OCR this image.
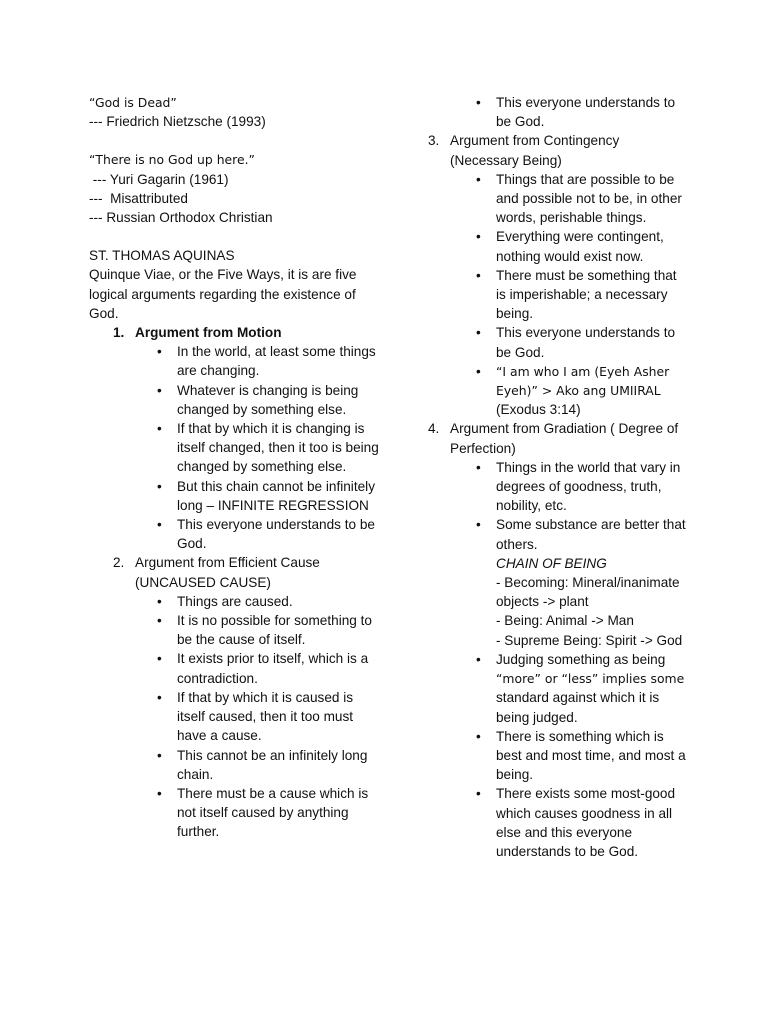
“God is Dead”

--- Friedrich Nietzsche (1993)

“There is no God up here.”

--- Yuri Gagarin (1961)

---  Misattributed

--- Russian Orthodox Christian

ST. THOMAS AQUINAS

Quinque Viae, or the Five Ways, it is are five logical arguments regarding the existence of God.

1. Argument from Motion
• In the world, at least some things are changing.
• Whatever is changing is being changed by something else.
• If that by which it is changing is itself changed, then it too is being changed by something else.
• But this chain cannot be infinitely long – INFINITE REGRESSION
• This everyone understands to be God.
2. Argument from Efficient Cause (UNCAUSED CAUSE)
• Things are caused.
• It is no possible for something to be the cause of itself.
• It exists prior to itself, which is a contradiction.
• If that by which it is caused is itself caused, then it too must have a cause.
• This cannot be an infinitely long chain.
• There must be a cause which is not itself caused by anything further.
• This everyone understands to be God.
3. Argument from Contingency (Necessary Being)
• Things that are possible to be and possible not to be, in other words, perishable things.
• Everything were contingent, nothing would exist now.
• There must be something that is imperishable; a necessary being.
• This everyone understands to be God.
• “I am who I am (Eyeh Asher
Eyeh)” > Ako ang UMIIRAL
(Exodus 3:14)
4. Argument from Gradiation ( Degree of Perfection)
• Things in the world that vary in degrees of goodness, truth, nobility, etc.
• Some substance are better that others.
CHAIN OF BEING
- Becoming: Mineral/inanimate objects -> plant
- Being: Animal -> Man
- Supreme Being: Spirit -> God
• Judging something as being
“more” or “less” implies some
standard against which it is being judged.
• There is something which is best and most time, and most a being.
• There exists some most-good which causes goodness in all else and this everyone understands to be God.
